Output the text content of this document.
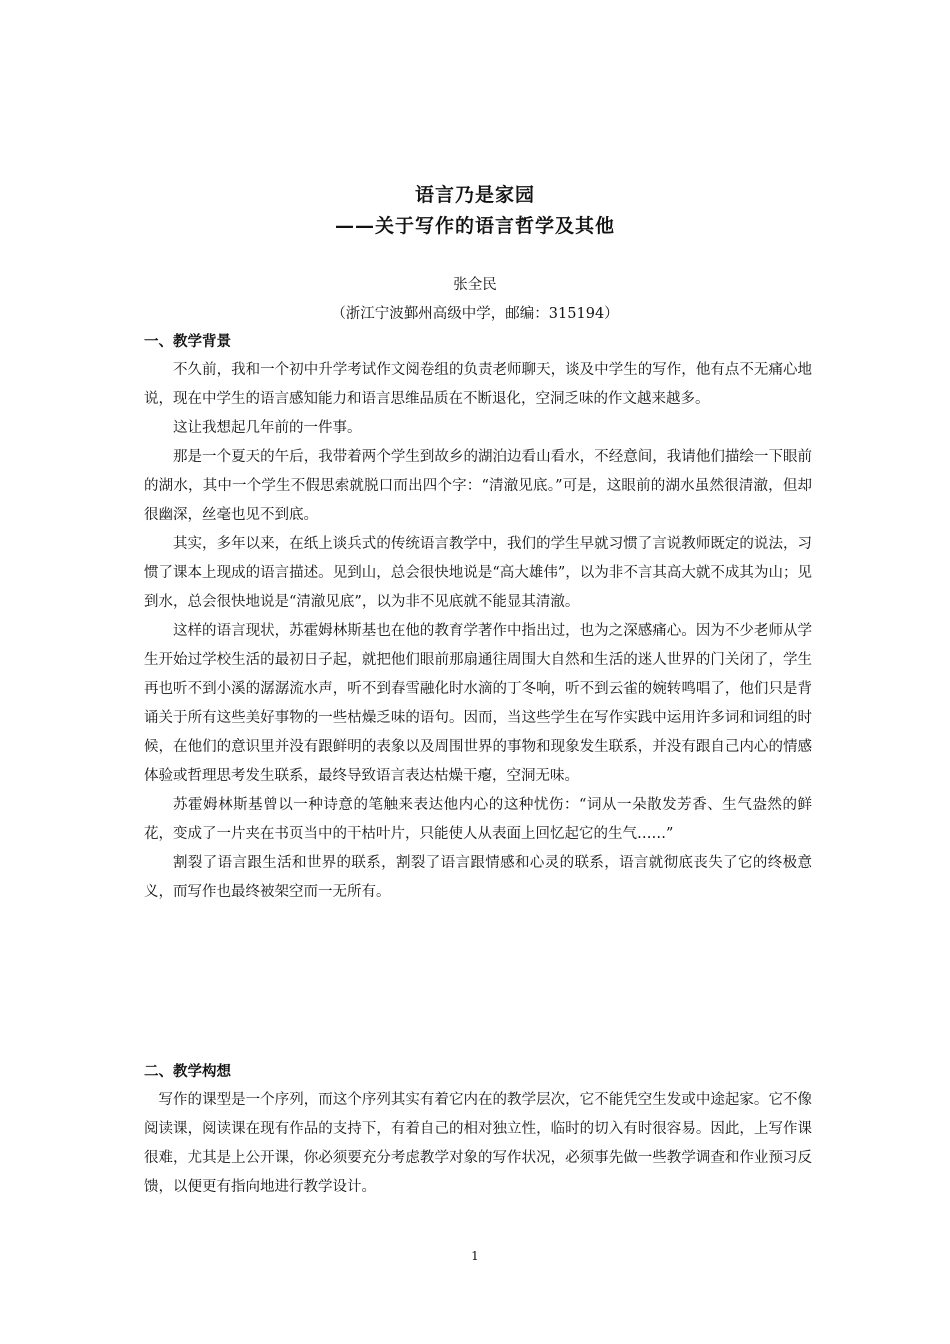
语言乃是家园
——关于写作的语言哲学及其他

张全民

（浙江宁波鄞州高级中学，邮编：315194）

一、教学背景

不久前，我和一个初中升学考试作文阅卷组的负责老师聊天，谈及中学生的写作，他有点不无痛心地说，现在中学生的语言感知能力和语言思维品质在不断退化，空洞乏味的作文越来越多。

这让我想起几年前的一件事。

那是一个夏天的午后，我带着两个学生到故乡的湖泊边看山看水，不经意间，我请他们描绘一下眼前的湖水，其中一个学生不假思索就脱口而出四个字：“清澈见底。”可是，这眼前的湖水虽然很清澈，但却很幽深，丝毫也见不到底。

其实，多年以来，在纸上谈兵式的传统语言教学中，我们的学生早就习惯了言说教师既定的说法，习惯了课本上现成的语言描述。见到山，总会很快地说是“高大雄伟”，以为非不言其高大就不成其为山；见到水，总会很快地说是“清澈见底”，以为非不见底就不能显其清澈。

这样的语言现状，苏霍姆林斯基也在他的教育学著作中指出过，也为之深感痛心。因为不少老师从学生开始过学校生活的最初日子起，就把他们眼前那扇通往周围大自然和生活的迷人世界的门关闭了，学生再也听不到小溪的潺潺流水声，听不到春雪融化时水滴的丁冬响，听不到云雀的婉转鸣唱了，他们只是背诵关于所有这些美好事物的一些枯燥乏味的语句。因而，当这些学生在写作实践中运用许多词和词组的时候，在他们的意识里并没有跟鲜明的表象以及周围世界的事物和现象发生联系，并没有跟自己内心的情感体验或哲理思考发生联系，最终导致语言表达枯燥干瘪，空洞无味。

苏霍姆林斯基曾以一种诗意的笔触来表达他内心的这种忧伤：“词从一朵散发芳香、生气盎然的鲜花，变成了一片夹在书页当中的干枯叶片，只能使人从表面上回忆起它的生气……”

割裂了语言跟生活和世界的联系，割裂了语言跟情感和心灵的联系，语言就彻底丧失了它的终极意义，而写作也最终被架空而一无所有。

二、教学构想

写作的课型是一个序列，而这个序列其实有着它内在的教学层次，它不能凭空生发或中途起家。它不像阅读课，阅读课在现有作品的支持下，有着自己的相对独立性，临时的切入有时很容易。因此，上写作课很难，尤其是上公开课，你必须要充分考虑教学对象的写作状况，必须事先做一些教学调查和作业预习反馈，以便更有指向地进行教学设计。

1
